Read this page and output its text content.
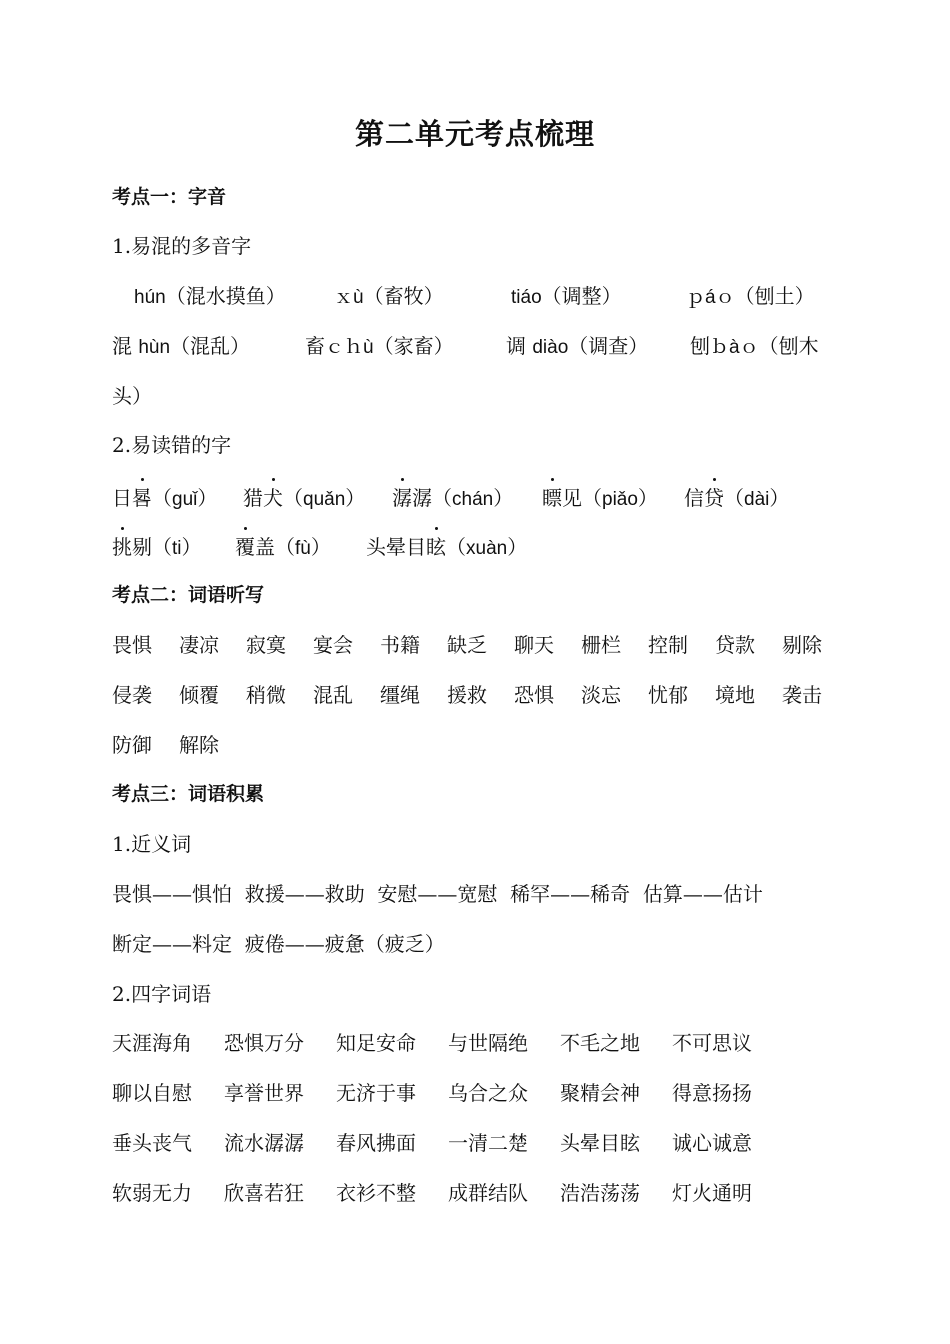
第二单元考点梳理
考点一：字音
1.易混的多音字
hún（混水摸鱼）	ｘù（畜牧）	tiáo（调整）	ｐáｏ（刨土）
混 hùn（混乱）	畜ｃｈù（家畜）	调 diào（调查） 刨ｂàｏ（刨木
头）
2.易读错的字
日晷（guǐ） 猎犬（quǎn） 潺潺（chán） 瞟见（piǎo） 信贷（dài）
挑剔（ti） 覆盖（fù） 头晕目眩（xuàn）
考点二：词语听写
畏惧 凄凉 寂寞 宴会 书籍 缺乏 聊天 栅栏 控制 贷款 剔除
侵袭 倾覆 稍微 混乱 缰绳 援救 恐惧 淡忘 忧郁 境地 袭击
防御 解除
考点三：词语积累
1.近义词
畏惧——惧怕  救援——救助  安慰——宽慰  稀罕——稀奇  估算——估计
断定——料定  疲倦——疲惫（疲乏）
2.四字词语
天涯海角 恐惧万分 知足安命 与世隔绝 不毛之地 不可思议
聊以自慰 享誉世界 无济于事 乌合之众 聚精会神 得意扬扬
垂头丧气 流水潺潺 春风拂面 一清二楚 头晕目眩 诚心诚意
软弱无力 欣喜若狂 衣衫不整 成群结队 浩浩荡荡 灯火通明
